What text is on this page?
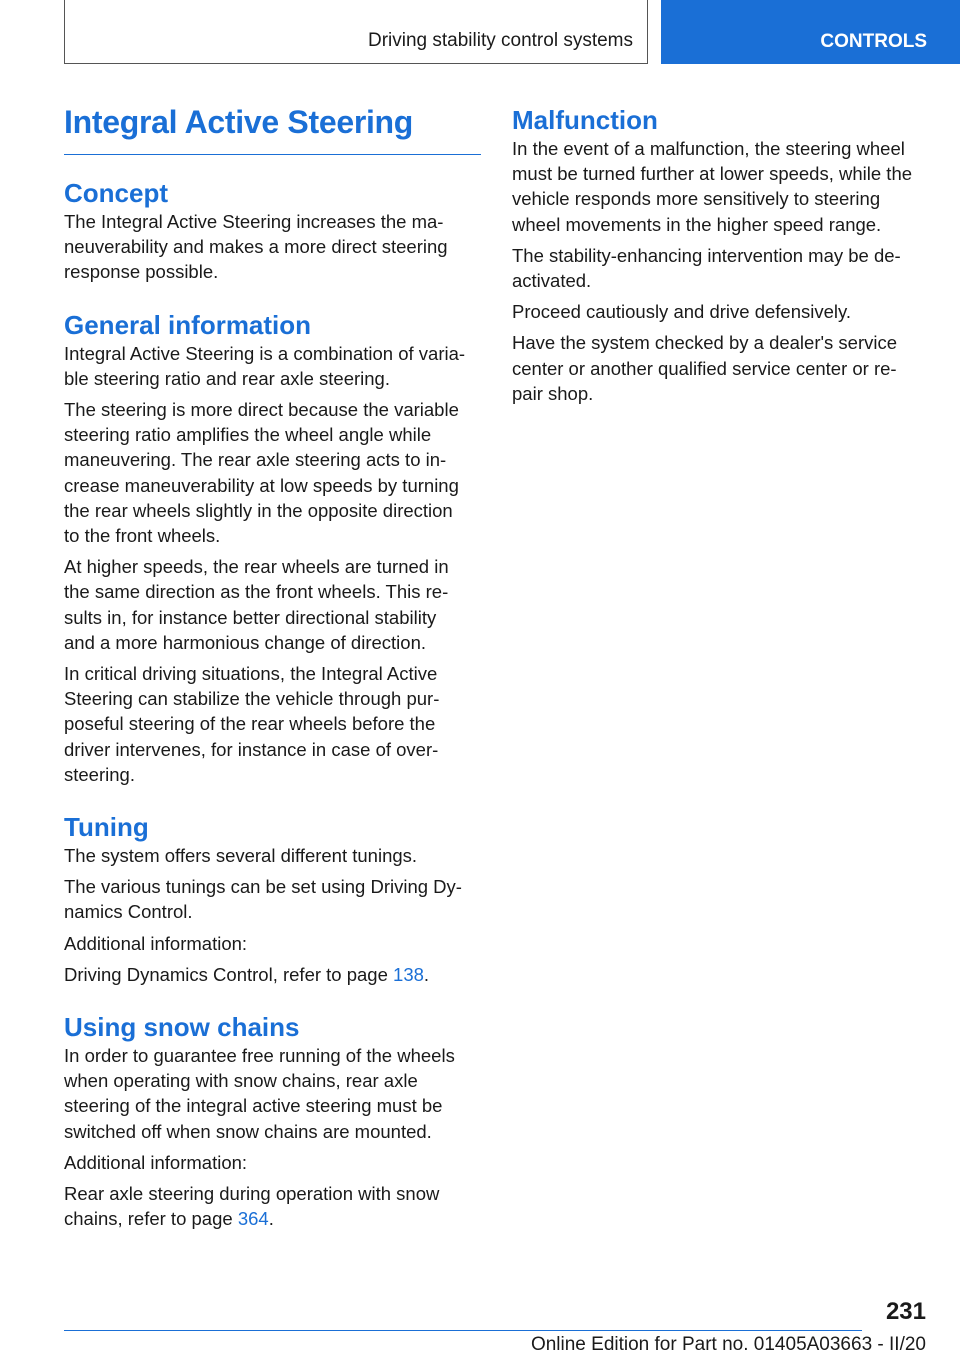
Driving stability control systems	CONTROLS
Integral Active Steering
Concept

The Integral Active Steering increases the ma-
neuverability and makes a more direct steering
response possible.

General information

Integral Active Steering is a combination of varia-
ble steering ratio and rear axle steering.

The steering is more direct because the variable
steering ratio amplifies the wheel angle while
maneuvering. The rear axle steering acts to in-
crease maneuverability at low speeds by turning
the rear wheels slightly in the opposite direction
to the front wheels.

At higher speeds, the rear wheels are turned in
the same direction as the front wheels. This re-
sults in, for instance better directional stability
and a more harmonious change of direction.

In critical driving situations, the Integral Active
Steering can stabilize the vehicle through pur-
poseful steering of the rear wheels before the
driver intervenes, for instance in case of over-
steering.

Tuning

The system offers several different tunings.

The various tunings can be set using Driving Dy-
namics Control.

Additional information:

Driving Dynamics Control, refer to page 138.

Using snow chains

In order to guarantee free running of the wheels
when operating with snow chains, rear axle
steering of the integral active steering must be
switched off when snow chains are mounted.

Additional information:

Rear axle steering during operation with snow
chains, refer to page 364.

Malfunction

In the event of a malfunction, the steering wheel
must be turned further at lower speeds, while the
vehicle responds more sensitively to steering
wheel movements in the higher speed range.

The stability-enhancing intervention may be de-
activated.

Proceed cautiously and drive defensively.

Have the system checked by a dealer's service
center or another qualified service center or re-
pair shop.

231
Online Edition for Part no. 01405A03663 - II/20
